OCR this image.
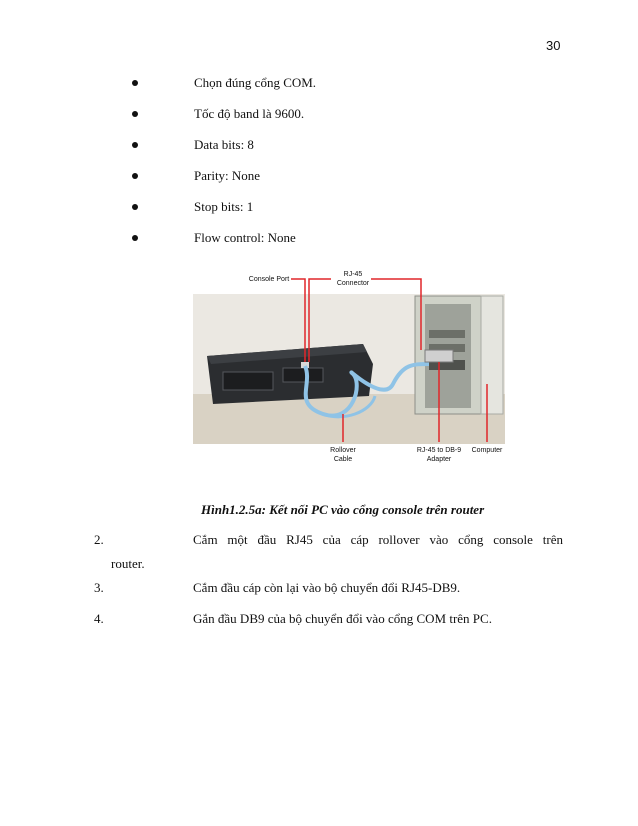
30
Chọn đúng cổng COM.
Tốc độ band là 9600.
Data bits: 8
Parity: None
Stop bits: 1
Flow control: None
Console Port
RJ-45
Connector
Rollover
Cable
RJ-45 to DB-9
Adapter
Computer
Hình1.2.5a: Kết nối PC vào cổng console trên router
2.	Cắm một đầu RJ45 của cáp rollover vào cổng console trên
router.
3.	Cắm đầu cáp còn lại vào bộ chuyển đổi RJ45-DB9.
4.	Gắn đầu DB9 của bộ chuyển đổi vào cổng COM trên PC.
